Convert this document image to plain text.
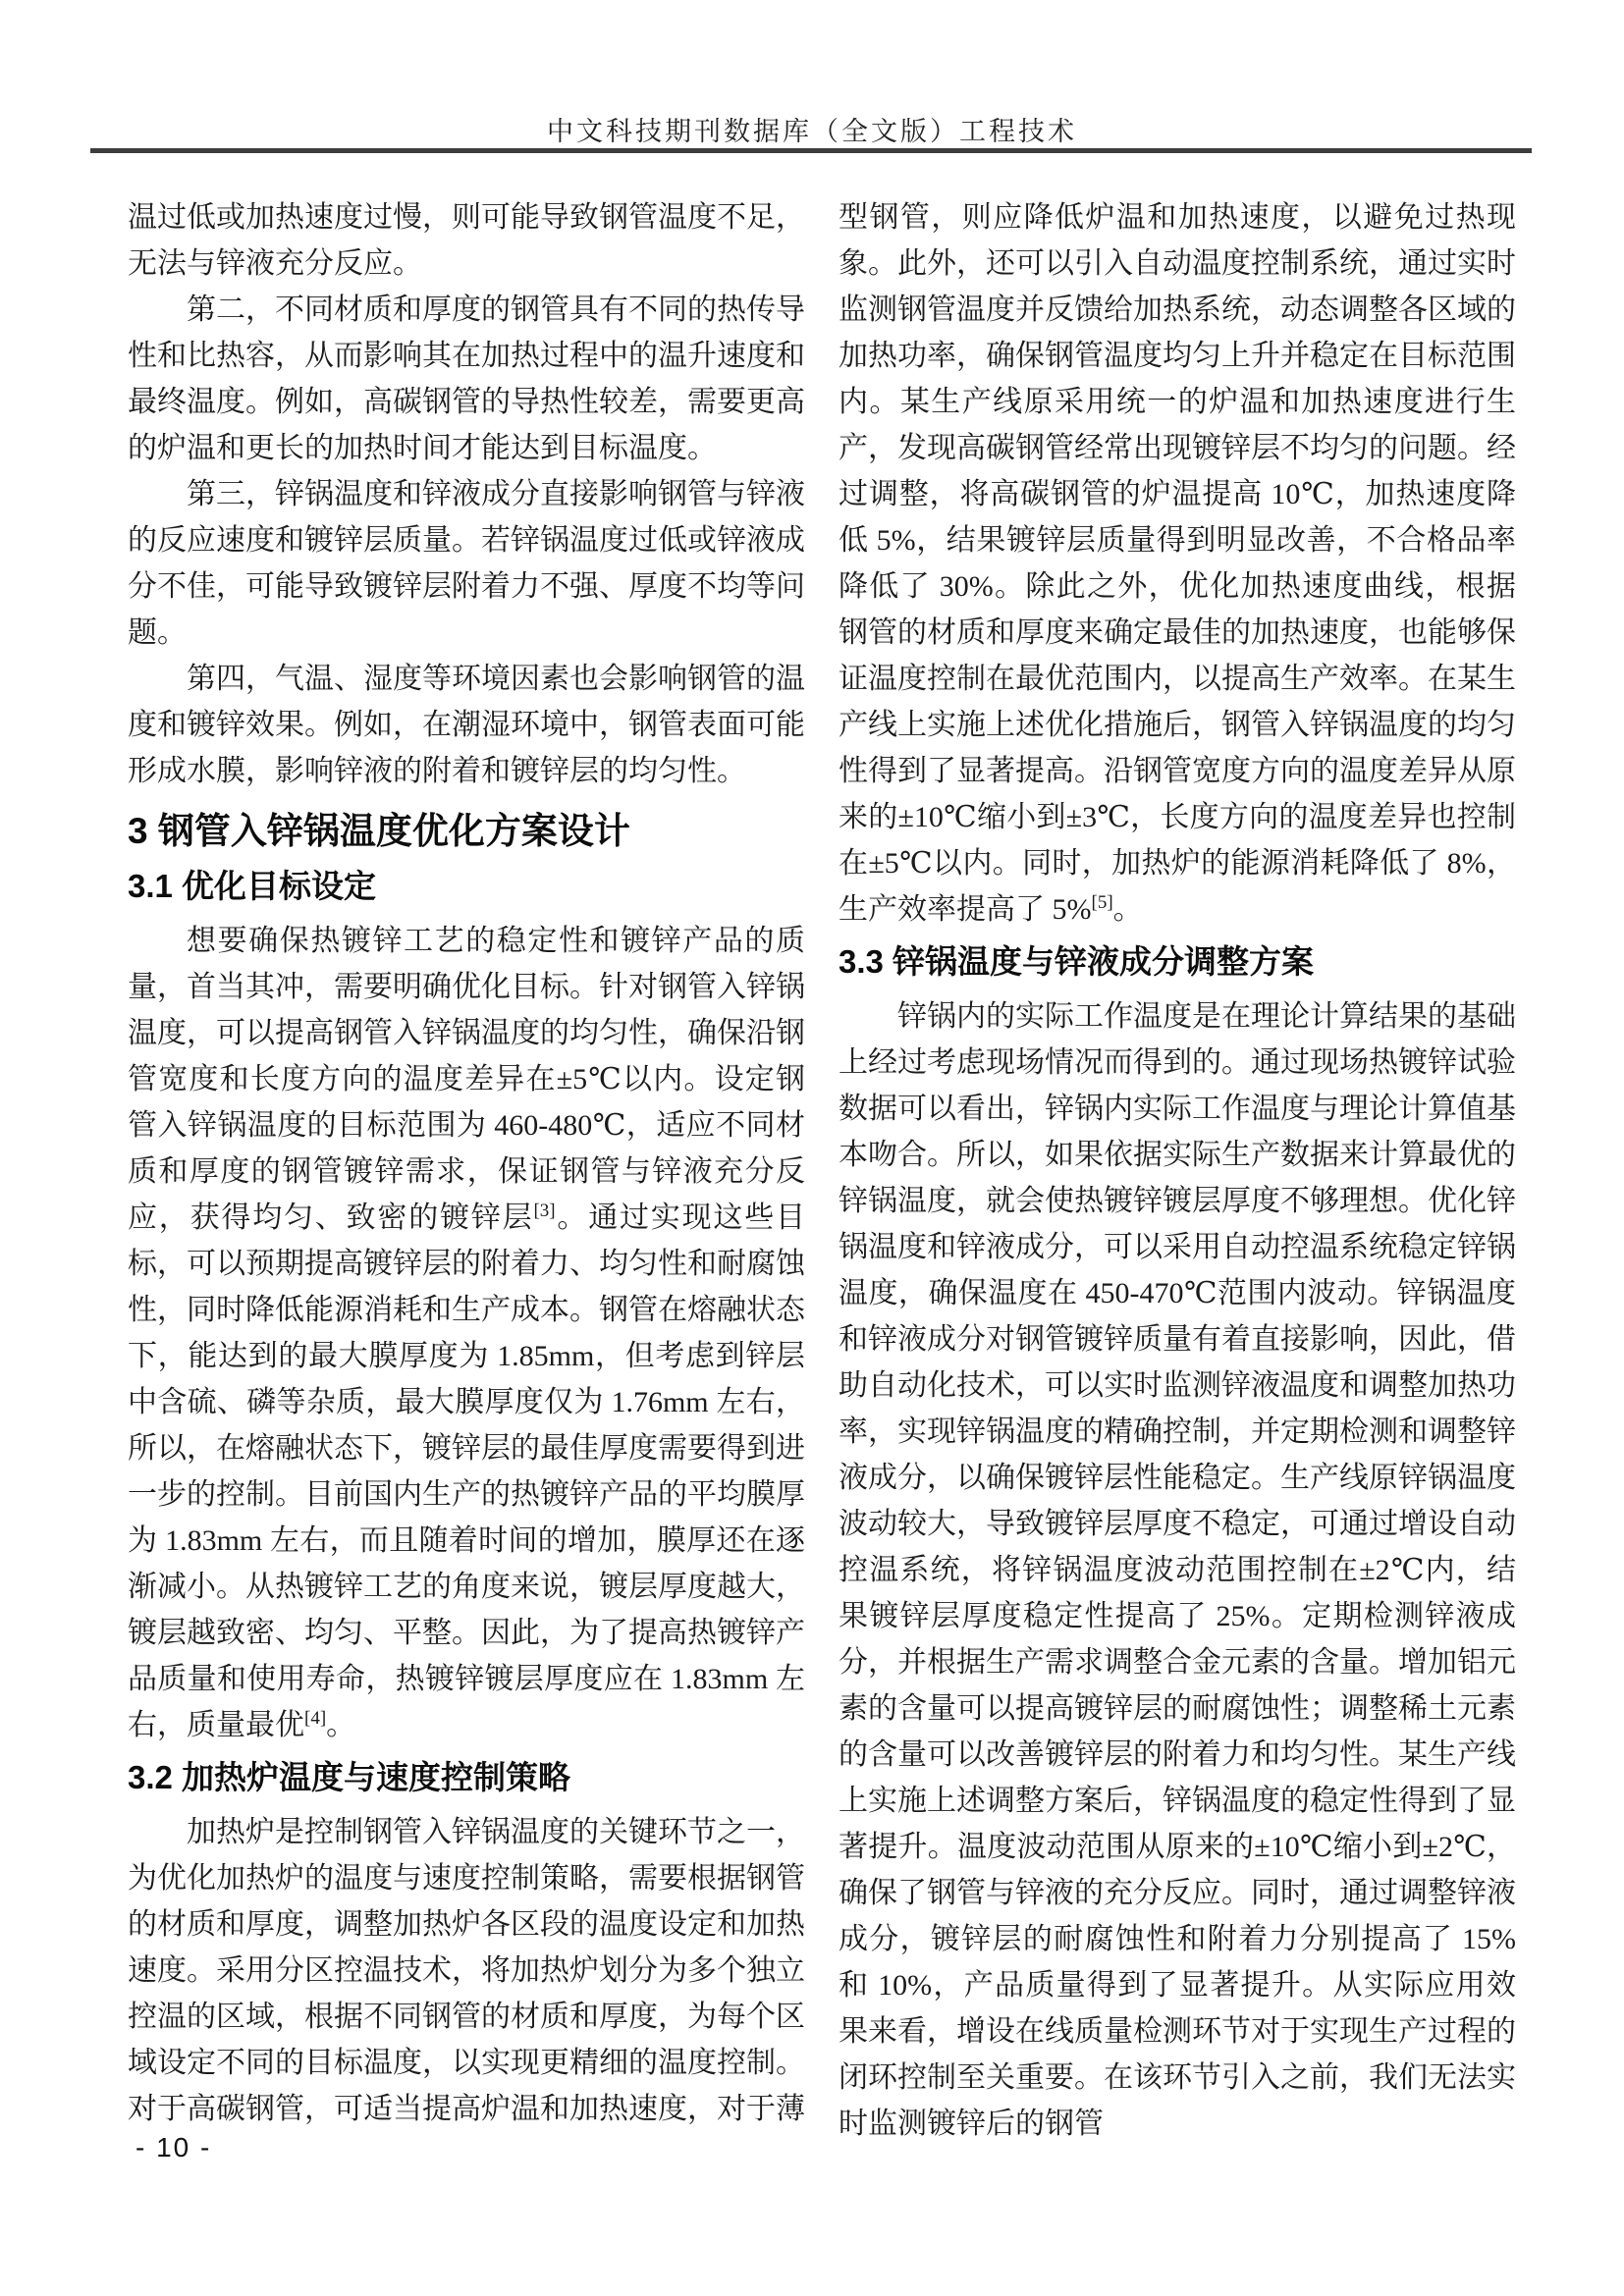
中文科技期刊数据库（全文版）工程技术

温过低或加热速度过慢，则可能导致钢管温度不足，无法与锌液充分反应。

第二，不同材质和厚度的钢管具有不同的热传导性和比热容，从而影响其在加热过程中的温升速度和最终温度。例如，高碳钢管的导热性较差，需要更高的炉温和更长的加热时间才能达到目标温度。

第三，锌锅温度和锌液成分直接影响钢管与锌液的反应速度和镀锌层质量。若锌锅温度过低或锌液成分不佳，可能导致镀锌层附着力不强、厚度不均等问题。

第四，气温、湿度等环境因素也会影响钢管的温度和镀锌效果。例如，在潮湿环境中，钢管表面可能形成水膜，影响锌液的附着和镀锌层的均匀性。

3 钢管入锌锅温度优化方案设计
3.1 优化目标设定

想要确保热镀锌工艺的稳定性和镀锌产品的质量，首当其冲，需要明确优化目标。针对钢管入锌锅温度，可以提高钢管入锌锅温度的均匀性，确保沿钢管宽度和长度方向的温度差异在±5℃以内。设定钢管入锌锅温度的目标范围为 460-480℃，适应不同材质和厚度的钢管镀锌需求，保证钢管与锌液充分反应，获得均匀、致密的镀锌层[3]。通过实现这些目标，可以预期提高镀锌层的附着力、均匀性和耐腐蚀性，同时降低能源消耗和生产成本。钢管在熔融状态下，能达到的最大膜厚度为 1.85mm，但考虑到锌层中含硫、磷等杂质，最大膜厚度仅为 1.76mm 左右，所以，在熔融状态下，镀锌层的最佳厚度需要得到进一步的控制。目前国内生产的热镀锌产品的平均膜厚为 1.83mm 左右，而且随着时间的增加，膜厚还在逐渐减小。从热镀锌工艺的角度来说，镀层厚度越大，镀层越致密、均匀、平整。因此，为了提高热镀锌产品质量和使用寿命，热镀锌镀层厚度应在 1.83mm 左右，质量最优[4]。

3.2 加热炉温度与速度控制策略

加热炉是控制钢管入锌锅温度的关键环节之一，为优化加热炉的温度与速度控制策略，需要根据钢管的材质和厚度，调整加热炉各区段的温度设定和加热速度。采用分区控温技术，将加热炉划分为多个独立控温的区域，根据不同钢管的材质和厚度，为每个区域设定不同的目标温度，以实现更精细的温度控制。对于高碳钢管，可适当提高炉温和加热速度，对于薄

型钢管，则应降低炉温和加热速度，以避免过热现象。此外，还可以引入自动温度控制系统，通过实时监测钢管温度并反馈给加热系统，动态调整各区域的加热功率，确保钢管温度均匀上升并稳定在目标范围内。某生产线原采用统一的炉温和加热速度进行生产，发现高碳钢管经常出现镀锌层不均匀的问题。经过调整，将高碳钢管的炉温提高 10℃，加热速度降低 5%，结果镀锌层质量得到明显改善，不合格品率降低了 30%。除此之外，优化加热速度曲线，根据钢管的材质和厚度来确定最佳的加热速度，也能够保证温度控制在最优范围内，以提高生产效率。在某生产线上实施上述优化措施后，钢管入锌锅温度的均匀性得到了显著提高。沿钢管宽度方向的温度差异从原来的±10℃缩小到±3℃，长度方向的温度差异也控制在±5℃以内。同时，加热炉的能源消耗降低了 8%，生产效率提高了 5%[5]。

3.3 锌锅温度与锌液成分调整方案

锌锅内的实际工作温度是在理论计算结果的基础上经过考虑现场情况而得到的。通过现场热镀锌试验数据可以看出，锌锅内实际工作温度与理论计算值基本吻合。所以，如果依据实际生产数据来计算最优的锌锅温度，就会使热镀锌镀层厚度不够理想。优化锌锅温度和锌液成分，可以采用自动控温系统稳定锌锅温度，确保温度在 450-470℃范围内波动。锌锅温度和锌液成分对钢管镀锌质量有着直接影响，因此，借助自动化技术，可以实时监测锌液温度和调整加热功率，实现锌锅温度的精确控制，并定期检测和调整锌液成分，以确保镀锌层性能稳定。生产线原锌锅温度波动较大，导致镀锌层厚度不稳定，可通过增设自动控温系统，将锌锅温度波动范围控制在±2℃内，结果镀锌层厚度稳定性提高了 25%。定期检测锌液成分，并根据生产需求调整合金元素的含量。增加铝元素的含量可以提高镀锌层的耐腐蚀性；调整稀土元素的含量可以改善镀锌层的附着力和均匀性。某生产线上实施上述调整方案后，锌锅温度的稳定性得到了显著提升。温度波动范围从原来的±10℃缩小到±2℃，确保了钢管与锌液的充分反应。同时，通过调整锌液成分，镀锌层的耐腐蚀性和附着力分别提高了 15%和 10%，产品质量得到了显著提升。从实际应用效果来看，增设在线质量检测环节对于实现生产过程的闭环控制至关重要。在该环节引入之前，我们无法实时监测镀锌后的钢管

- 10 -
